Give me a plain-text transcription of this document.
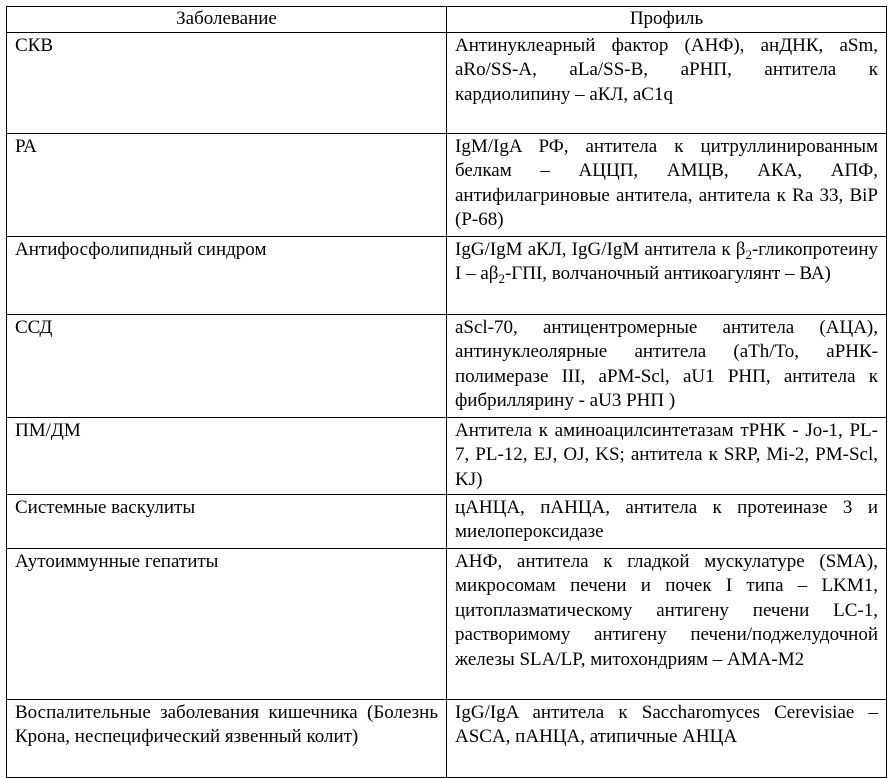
Заболевание	Профиль
СКВ	Антинуклеарный фактор (АНФ), анДНК, aSm, aRo/SS-A, aLa/SS-B, aРНП, антитела к кардиолипину – аКЛ, aC1q
РА	IgM/IgA РФ, антитела к цитруллинированным белкам – АЦЦП, АМЦВ, АКА, АПФ, антифилагриновые антитела, антитела к Ra 33, BiP (P-68)
Антифосфолипидный синдром	IgG/IgM аКЛ, IgG/IgM антитела к $\beta_2$-гликопротеину I – $а\beta_2$-ГПI, волчаночный антикоагулянт – ВА)
ССД	aScl-70, антицентромерные антитела (АЦА), антинуклеолярные антитела (aTh/To, aРНК-полимеразе III, aPM-Scl, aU1 РНП, антитела к фибриллярину - aU3 РНП )
ПМ/ДМ	Антитела к аминоацилсинтетазам тРНК - Jo-1, PL-7, PL-12, EJ, OJ, KS; антитела к SRP, Mi-2, PM-Scl, KJ)
Системные васкулиты	цАНЦА, пАНЦА, антитела к протеиназе 3 и миелопероксидазе
Аутоиммунные гепатиты	АНФ, антитела к гладкой мускулатуре (SMA), микросомам печени и почек I типа – LKM1, цитоплазматическому антигену печени LC-1, растворимому антигену печени/поджелудочной железы SLA/LP, митохондриям – AMA-M2
Воспалительные заболевания кишечника (Болезнь Крона, неспецифический язвенный колит)	IgG/IgA антитела к Saccharomyces Cerevisiae – ASCA, пАНЦА, атипичные АНЦА
